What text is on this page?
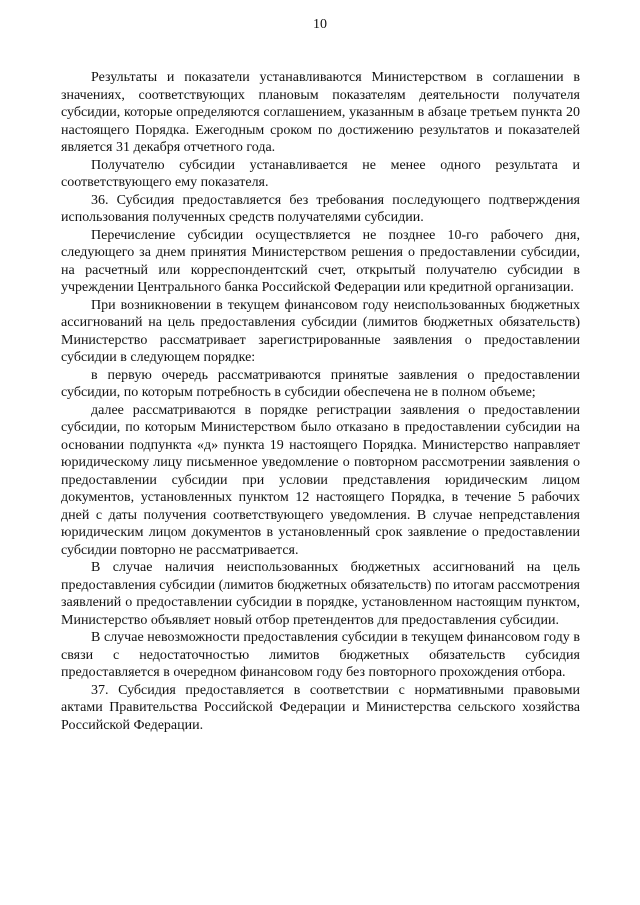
10

Результаты и показатели устанавливаются Министерством в соглашении в значениях, соответствующих плановым показателям деятельности получателя субсидии, которые определяются соглашением, указанным в абзаце третьем пункта 20 настоящего Порядка. Ежегодным сроком по достижению результатов и показателей является 31 декабря отчетного года.

Получателю субсидии устанавливается не менее одного результата и соответствующего ему показателя.

36. Субсидия предоставляется без требования последующего подтверждения использования полученных средств получателями субсидии.

Перечисление субсидии осуществляется не позднее 10-го рабочего дня, следующего за днем принятия Министерством решения о предоставлении субсидии, на расчетный или корреспондентский счет, открытый получателю субсидии в учреждении Центрального банка Российской Федерации или кредитной организации.

При возникновении в текущем финансовом году неиспользованных бюджетных ассигнований на цель предоставления субсидии (лимитов бюджетных обязательств) Министерство рассматривает зарегистрированные заявления о предоставлении субсидии в следующем порядке:

в первую очередь рассматриваются принятые заявления о предоставлении субсидии, по которым потребность в субсидии обеспечена не в полном объеме;

далее рассматриваются в порядке регистрации заявления о предоставлении субсидии, по которым Министерством было отказано в предоставлении субсидии на основании подпункта «д» пункта 19 настоящего Порядка. Министерство направляет юридическому лицу письменное уведомление о повторном рассмотрении заявления о предоставлении субсидии при условии представления юридическим лицом документов, установленных пунктом 12 настоящего Порядка, в течение 5 рабочих дней с даты получения соответствующего уведомления. В случае непредставления юридическим лицом документов в установленный срок заявление о предоставлении субсидии повторно не рассматривается.

В случае наличия неиспользованных бюджетных ассигнований на цель предоставления субсидии (лимитов бюджетных обязательств) по итогам рассмотрения заявлений о предоставлении субсидии в порядке, установленном настоящим пунктом, Министерство объявляет новый отбор претендентов для предоставления субсидии.

В случае невозможности предоставления субсидии в текущем финансовом году в связи с недостаточностью лимитов бюджетных обязательств субсидия предоставляется в очередном финансовом году без повторного прохождения отбора.

37. Субсидия предоставляется в соответствии с нормативными правовыми актами Правительства Российской Федерации и Министерства сельского хозяйства Российской Федерации.
